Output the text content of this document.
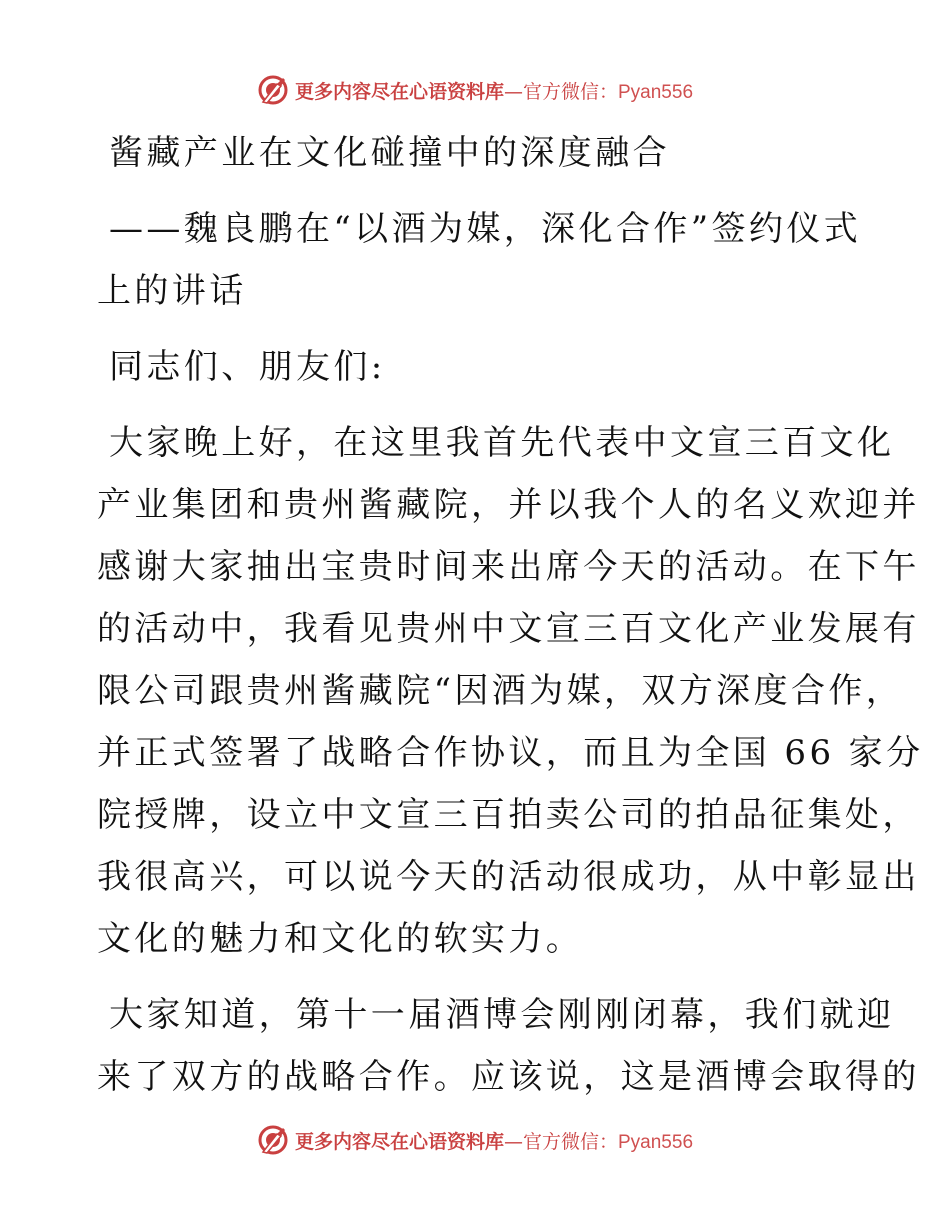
更多内容尽在心语资料库—官方微信：Pyan556
酱藏产业在文化碰撞中的深度融合
——魏良鹏在“以酒为媒，深化合作”签约仪式
上的讲话
同志们、朋友们:
大家晚上好，在这里我首先代表中文宣三百文化
产业集团和贵州酱藏院，并以我个人的名义欢迎并
感谢大家抽出宝贵时间来出席今天的活动。在下午
的活动中，我看见贵州中文宣三百文化产业发展有
限公司跟贵州酱藏院“因酒为媒，双方深度合作，
并正式签署了战略合作协议，而且为全国 66 家分
院授牌，设立中文宣三百拍卖公司的拍品征集处，
我很高兴，可以说今天的活动很成功，从中彰显出
文化的魅力和文化的软实力。
大家知道，第十一届酒博会刚刚闭幕，我们就迎
来了双方的战略合作。应该说，这是酒博会取得的
更多内容尽在心语资料库—官方微信：Pyan556
